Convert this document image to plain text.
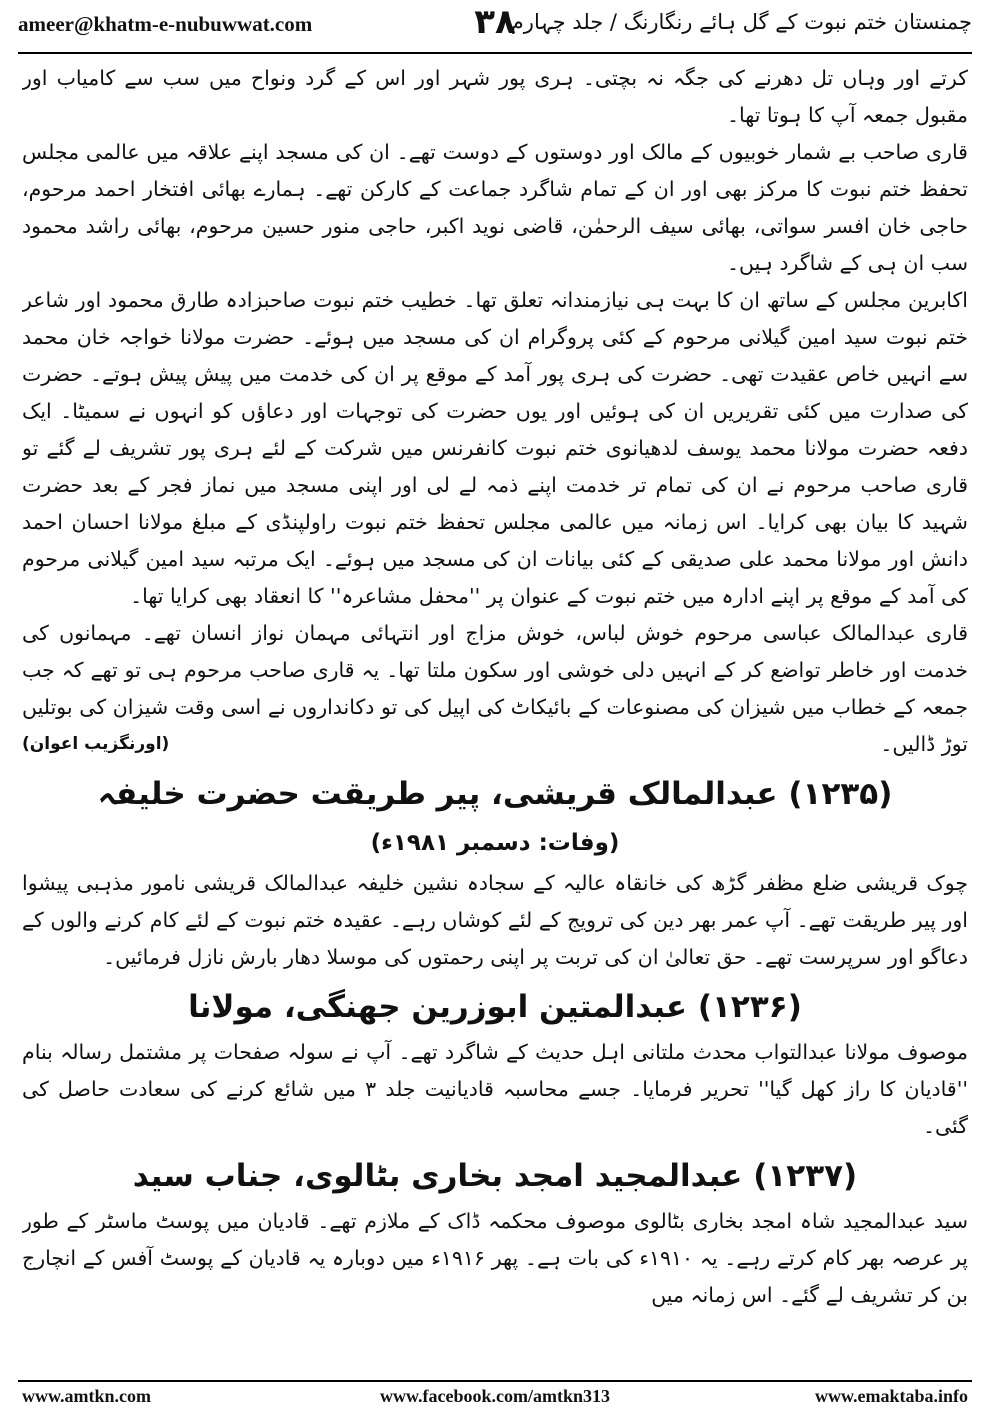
ameer@khatm-e-nubuwwat.com	۳۸
چمنستان ختم نبوت کے گل ہائے رنگارنگ / جلد چہارم

کرتے اور وہاں تل دھرنے کی جگہ نہ بچتی۔ ہری پور شہر اور اس کے گرد ونواح میں سب سے کامیاب اور مقبول جمعہ آپ کا ہوتا تھا۔

قاری صاحب بے شمار خوبیوں کے مالک اور دوستوں کے دوست تھے۔ ان کی مسجد اپنے علاقہ میں عالمی مجلس تحفظ ختم نبوت کا مرکز بھی اور ان کے تمام شاگرد جماعت کے کارکن تھے۔ ہمارے بھائی افتخار احمد مرحوم، حاجی خان افسر سواتی، بھائی سیف الرحمٰن، قاضی نوید اکبر، حاجی منور حسین مرحوم، بھائی راشد محمود سب ان ہی کے شاگرد ہیں۔

اکابرین مجلس کے ساتھ ان کا بہت ہی نیازمندانہ تعلق تھا۔ خطیب ختم نبوت صاحبزادہ طارق محمود اور شاعر ختم نبوت سید امین گیلانی مرحوم کے کئی پروگرام ان کی مسجد میں ہوئے۔ حضرت مولانا خواجہ خان محمد سے انہیں خاص عقیدت تھی۔ حضرت کی ہری پور آمد کے موقع پر ان کی خدمت میں پیش پیش ہوتے۔ حضرت کی صدارت میں کئی تقریریں ان کی ہوئیں اور یوں حضرت کی توجہات اور دعاؤں کو انہوں نے سمیٹا۔ ایک دفعہ حضرت مولانا محمد یوسف لدھیانوی ختم نبوت کانفرنس میں شرکت کے لئے ہری پور تشریف لے گئے تو قاری صاحب مرحوم نے ان کی تمام تر خدمت اپنے ذمہ لے لی اور اپنی مسجد میں نماز فجر کے بعد حضرت شہید کا بیان بھی کرایا۔ اس زمانہ میں عالمی مجلس تحفظ ختم نبوت راولپنڈی کے مبلغ مولانا احسان احمد دانش اور مولانا محمد علی صدیقی کے کئی بیانات ان کی مسجد میں ہوئے۔ ایک مرتبہ سید امین گیلانی مرحوم کی آمد کے موقع پر اپنے ادارہ میں ختم نبوت کے عنوان پر ''محفل مشاعرہ'' کا انعقاد بھی کرایا تھا۔

قاری عبدالمالک عباسی مرحوم خوش لباس، خوش مزاج اور انتہائی مہمان نواز انسان تھے۔ مہمانوں کی خدمت اور خاطر تواضع کر کے انہیں دلی خوشی اور سکون ملتا تھا۔ یہ قاری صاحب مرحوم ہی تو تھے کہ جب جمعہ کے خطاب میں شیزان کی مصنوعات کے بائیکاٹ کی اپیل کی تو دکانداروں نے اسی وقت شیزان کی بوتلیں توڑ ڈالیں۔
(اورنگزیب اعوان)

(۱۲۳۵) عبدالمالک قریشی، پیر طریقت حضرت خلیفہ
(وفات: دسمبر ۱۹۸۱ء)

چوک قریشی ضلع مظفر گڑھ کی خانقاہ عالیہ کے سجادہ نشین خلیفہ عبدالمالک قریشی نامور مذہبی پیشوا اور پیر طریقت تھے۔ آپ عمر بھر دین کی ترویج کے لئے کوشاں رہے۔ عقیدہ ختم نبوت کے لئے کام کرنے والوں کے دعاگو اور سرپرست تھے۔ حق تعالیٰ ان کی تربت پر اپنی رحمتوں کی موسلا دھار بارش نازل فرمائیں۔

(۱۲۳۶) عبدالمتین ابوزرین جھنگی، مولانا

موصوف مولانا عبدالتواب محدث ملتانی اہل حدیث کے شاگرد تھے۔ آپ نے سولہ صفحات پر مشتمل رسالہ بنام ''قادیان کا راز کھل گیا'' تحریر فرمایا۔ جسے محاسبہ قادیانیت جلد ۳ میں شائع کرنے کی سعادت حاصل کی گئی۔

(۱۲۳۷) عبدالمجید امجد بخاری بٹالوی، جناب سید

سید عبدالمجید شاہ امجد بخاری بٹالوی موصوف محکمہ ڈاک کے ملازم تھے۔ قادیان میں پوسٹ ماسٹر کے طور پر عرصہ بھر کام کرتے رہے۔ یہ ۱۹۱۰ء کی بات ہے۔ پھر ۱۹۱۶ء میں دوبارہ یہ قادیان کے پوسٹ آفس کے انچارج بن کر تشریف لے گئے۔ اس زمانہ میں

www.amtkn.com	www.facebook.com/amtkn313	www.emaktaba.info
